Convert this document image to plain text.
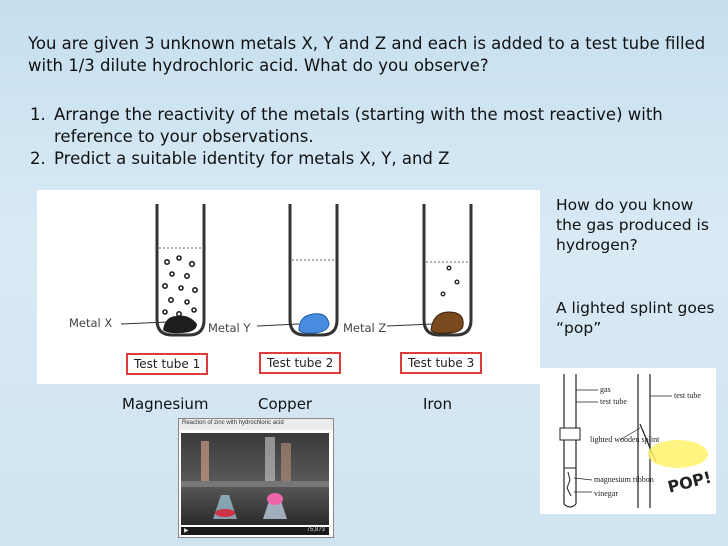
You are given 3 unknown metals X, Y and Z and each is added to a test tube filled with 1/3 dilute hydrochloric acid. What do you observe?
1. Arrange the reactivity of the metals (starting with the most reactive) with reference to your observations.
2. Predict a suitable identity for metals X, Y, and Z
How do you know the gas produced is hydrogen?
A lighted splint goes “pop”
Metal X	Metal Y	Metal Z
Test tube 1	Test tube 2	Test tube 3
Magnesium	Copper	Iron
Reaction of zinc with hydrochloric acid
▶	75,873
gas
test tube
test tube
lighted wooden splint
magnesium ribbon
vinegar	POP!
